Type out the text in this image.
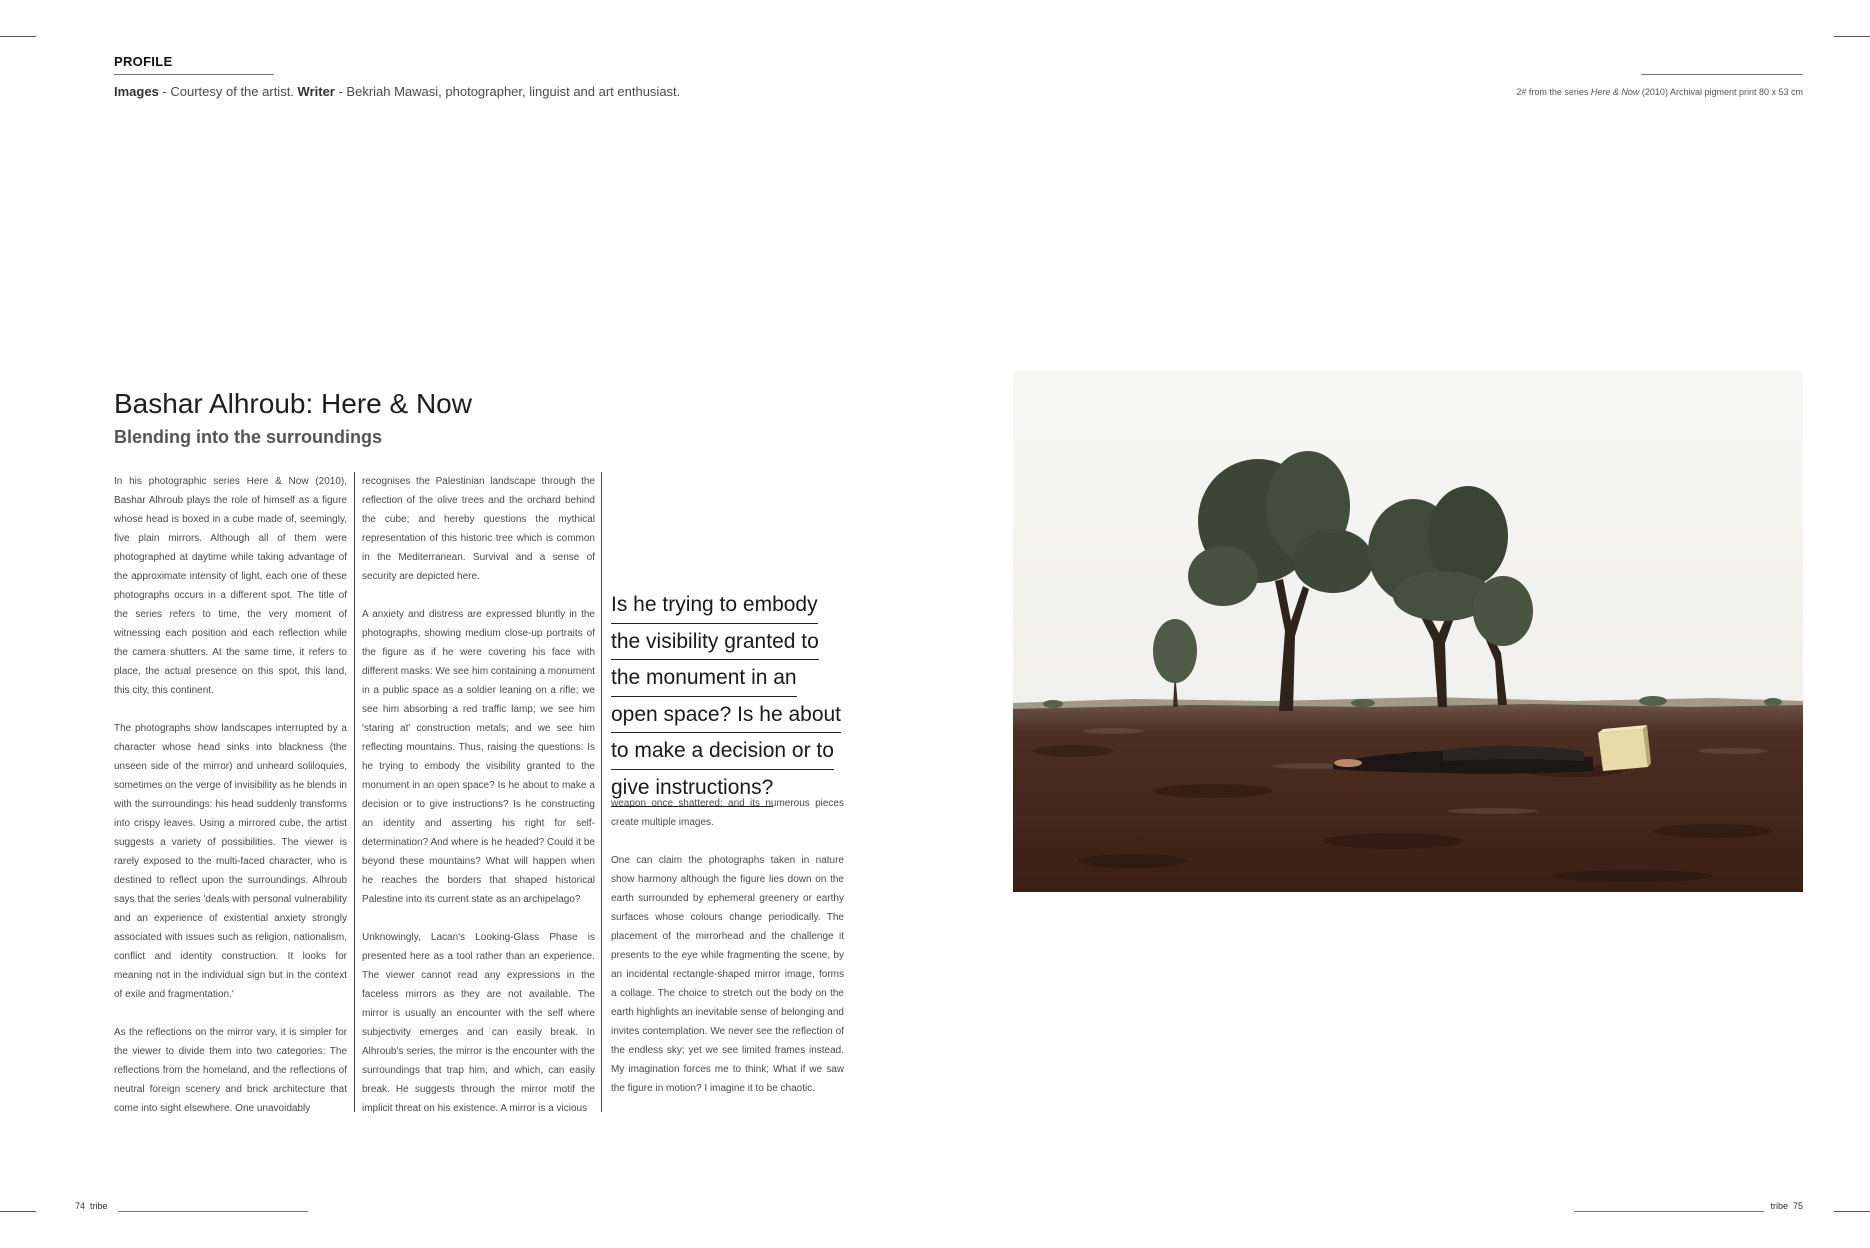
PROFILE
Images - Courtesy of the artist. Writer - Bekriah Mawasi, photographer, linguist and art enthusiast.	2# from the series Here & Now (2010) Archival pigment print 80 x 53 cm
Bashar Alhroub: Here & Now
Blending into the surroundings

In his photographic series Here & Now (2010), Bashar Alhroub plays the role of himself as a figure whose head is boxed in a cube made of, seemingly, five plain mirrors. Although all of them were photographed at daytime while taking advantage of the approximate intensity of light, each one of these photographs occurs in a different spot. The title of the series refers to time, the very moment of witnessing each position and each reflection while the camera shutters. At the same time, it refers to place, the actual presence on this spot, this land, this city, this continent.

The photographs show landscapes interrupted by a character whose head sinks into blackness (the unseen side of the mirror) and unheard soliloquies, sometimes on the verge of invisibility as he blends in with the surroundings: his head suddenly transforms into crispy leaves. Using a mirrored cube, the artist suggests a variety of possibilities. The viewer is rarely exposed to the multi-faced character, who is destined to reflect upon the surroundings. Alhroub says that the series 'deals with personal vulnerability and an experience of existential anxiety strongly associated with issues such as religion, nationalism, conflict and identity construction. It looks for meaning not in the individual sign but in the context of exile and fragmentation.'

As the reflections on the mirror vary, it is simpler for the viewer to divide them into two categories: The reflections from the homeland, and the reflections of neutral foreign scenery and brick architecture that come into sight elsewhere. One unavoidably

recognises the Palestinian landscape through the reflection of the olive trees and the orchard behind the cube; and hereby questions the mythical representation of this historic tree which is common in the Mediterranean. Survival and a sense of security are depicted here.

A anxiety and distress are expressed bluntly in the photographs, showing medium close-up portraits of the figure as if he were covering his face with different masks: We see him containing a monument in a public space as a soldier leaning on a rifle; we see him absorbing a red traffic lamp; we see him 'staring at' construction metals; and we see him reflecting mountains. Thus, raising the questions: Is he trying to embody the visibility granted to the monument in an open space? Is he about to make a decision or to give instructions? Is he constructing an identity and asserting his right for self-determination? And where is he headed? Could it be beyond these mountains? What will happen when he reaches the borders that shaped historical Palestine into its current state as an archipelago?

Unknowingly, Lacan's Looking-Glass Phase is presented here as a tool rather than an experience. The viewer cannot read any expressions in the faceless mirrors as they are not available. The mirror is usually an encounter with the self where subjectivity emerges and can easily break. In Alhroub's series, the mirror is the encounter with the surroundings that trap him, and which, can easily break. He suggests through the mirror motif the implicit threat on his existence. A mirror is a vicious

Is he trying to embody
the visibility granted to
the monument in an
open space? Is he about
to make a decision or to
give instructions?

weapon once shattered; and its numerous pieces create multiple images.

One can claim the photographs taken in nature show harmony although the figure lies down on the earth surrounded by ephemeral greenery or earthy surfaces whose colours change periodically. The placement of the mirrorhead and the challenge it presents to the eye while fragmenting the scene, by an incidental rectangle-shaped mirror image, forms a collage. The choice to stretch out the body on the earth highlights an inevitable sense of belonging and invites contemplation. We never see the reflection of the endless sky; yet we see limited frames instead. My imagination forces me to think; What if we saw the figure in motion? I imagine it to be chaotic.

74 tribe	tribe 75
